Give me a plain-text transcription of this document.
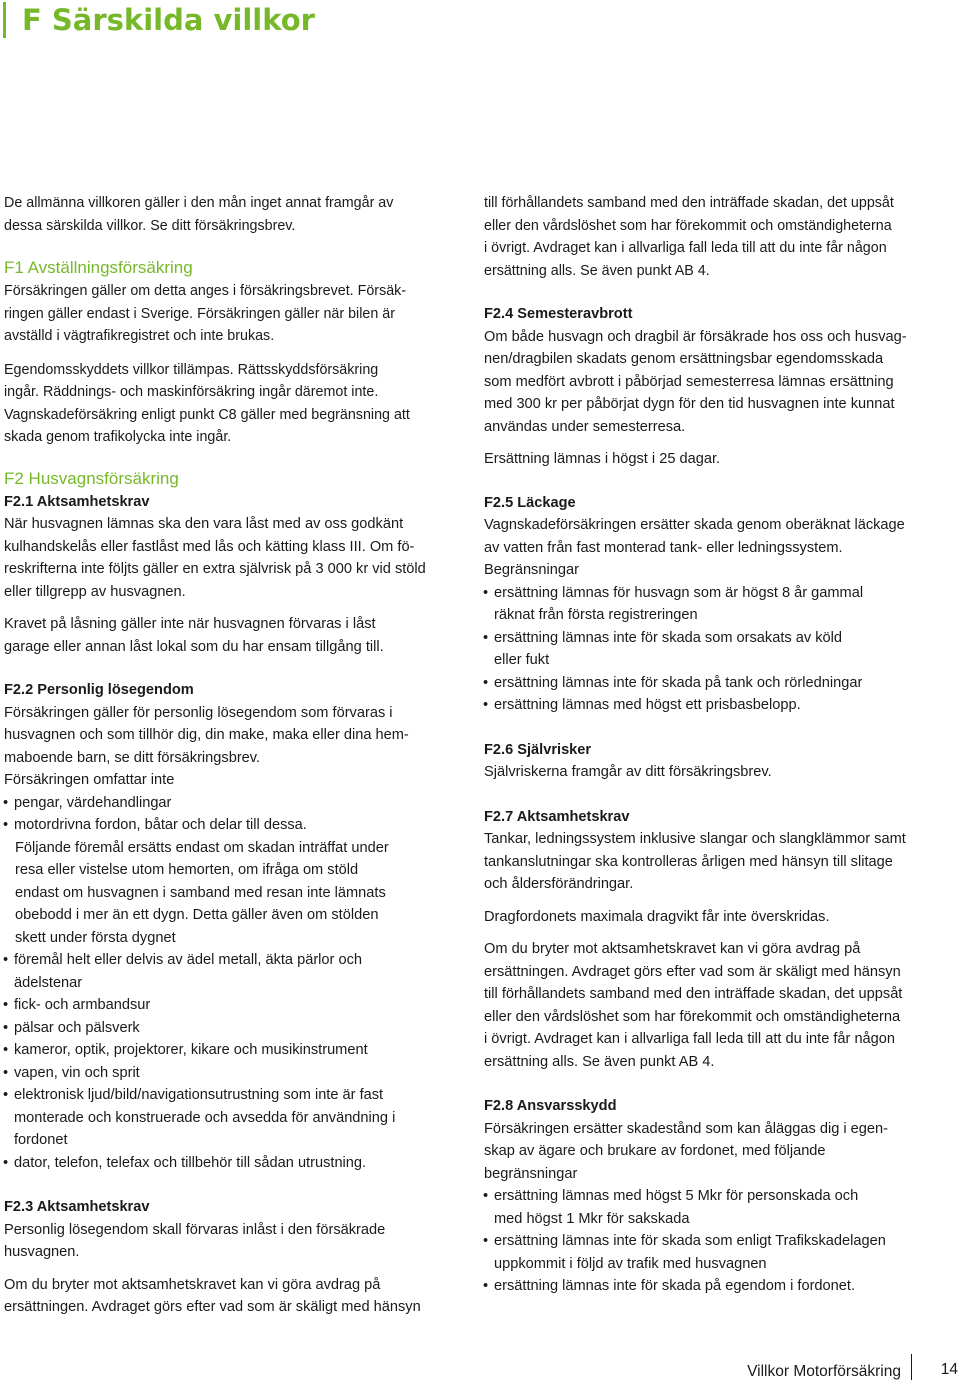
F Särskilda villkor
De allmänna villkoren gäller i den mån inget annat framgår av
dessa särskilda villkor. Se ditt försäkringsbrev.
F1 Avställningsförsäkring
Försäkringen gäller om detta anges i försäkringsbrevet. Försäk-
ringen gäller endast i Sverige. Försäkringen gäller när bilen är
avställd i vägtrafikregistret och inte brukas.
Egendomsskyddets villkor tillämpas. Rättsskyddsförsäkring
ingår. Räddnings- och maskinförsäkring ingår däremot inte.
Vagnskadeförsäkring enligt punkt C8 gäller med begränsning att
skada genom trafikolycka inte ingår.
F2 Husvagnsförsäkring
F2.1 Aktsamhetskrav
När husvagnen lämnas ska den vara låst med av oss godkänt
kulhandskelås eller fastlåst med lås och kätting klass III. Om fö-
reskrifterna inte följts gäller en extra självrisk på 3 000 kr vid stöld
eller tillgrepp av husvagnen.
Kravet på låsning gäller inte när husvagnen förvaras i låst
garage eller annan låst lokal som du har ensam tillgång till.
F2.2 Personlig lösegendom
Försäkringen gäller för personlig lösegendom som förvaras i
husvagnen och som tillhör dig, din make, maka eller dina hem-
maboende barn, se ditt försäkringsbrev.
Försäkringen omfattar inte
• pengar, värdehandlingar
• motordrivna fordon, båtar och delar till dessa.
Följande föremål ersätts endast om skadan inträffat under
resa eller vistelse utom hemorten, om ifråga om stöld
endast om husvagnen i samband med resan inte lämnats
obebodd i mer än ett dygn. Detta gäller även om stölden
skett under första dygnet
• föremål helt eller delvis av ädel metall, äkta pärlor och
ädelstenar
• fick- och armbandsur
• pälsar och pälsverk
• kameror, optik, projektorer, kikare och musikinstrument
• vapen, vin och sprit
• elektronisk ljud/bild/navigationsutrustning som inte är fast
monterade och konstruerade och avsedda för användning i
fordonet
• dator, telefon, telefax och tillbehör till sådan utrustning.
F2.3 Aktsamhetskrav
Personlig lösegendom skall förvaras inlåst i den försäkrade
husvagnen.
Om du bryter mot aktsamhetskravet kan vi göra avdrag på
ersättningen. Avdraget görs efter vad som är skäligt med hänsyn
till förhållandets samband med den inträffade skadan, det uppsåt
eller den vårdslöshet som har förekommit och omständigheterna
i övrigt. Avdraget kan i allvarliga fall leda till att du inte får någon
ersättning alls. Se även punkt AB 4.
F2.4 Semesteravbrott
Om både husvagn och dragbil är försäkrade hos oss och husvag-
nen/dragbilen skadats genom ersättningsbar egendomsskada
som medfört avbrott i påbörjad semesterresa lämnas ersättning
med 300 kr per påbörjat dygn för den tid husvagnen inte kunnat
användas under semesterresa.
Ersättning lämnas i högst i 25 dagar.
F2.5 Läckage
Vagnskadeförsäkringen ersätter skada genom oberäknat läckage
av vatten från fast monterad tank- eller ledningssystem.
Begränsningar
• ersättning lämnas för husvagn som är högst 8 år gammal
räknat från första registreringen
• ersättning lämnas inte för skada som orsakats av köld
eller fukt
• ersättning lämnas inte för skada på tank och rörledningar
• ersättning lämnas med högst ett prisbasbelopp.
F2.6 Självrisker
Självriskerna framgår av ditt försäkringsbrev.
F2.7 Aktsamhetskrav
Tankar, ledningssystem inklusive slangar och slangklämmor samt
tankanslutningar ska kontrolleras årligen med hänsyn till slitage
och åldersförändringar.
Dragfordonets maximala dragvikt får inte överskridas.
Om du bryter mot aktsamhetskravet kan vi göra avdrag på
ersättningen. Avdraget görs efter vad som är skäligt med hänsyn
till förhållandets samband med den inträffade skadan, det uppsåt
eller den vårdslöshet som har förekommit och omständigheterna
i övrigt. Avdraget kan i allvarliga fall leda till att du inte får någon
ersättning alls. Se även punkt AB 4.
F2.8 Ansvarsskydd
Försäkringen ersätter skadestånd som kan åläggas dig i egen-
skap av ägare och brukare av fordonet, med följande
begränsningar
• ersättning lämnas med högst 5 Mkr för personskada och
med högst 1 Mkr för sakskada
• ersättning lämnas inte för skada som enligt Trafikskadelagen
uppkommit i följd av trafik med husvagnen
• ersättning lämnas inte för skada på egendom i fordonet.
Villkor Motorförsäkring	14
